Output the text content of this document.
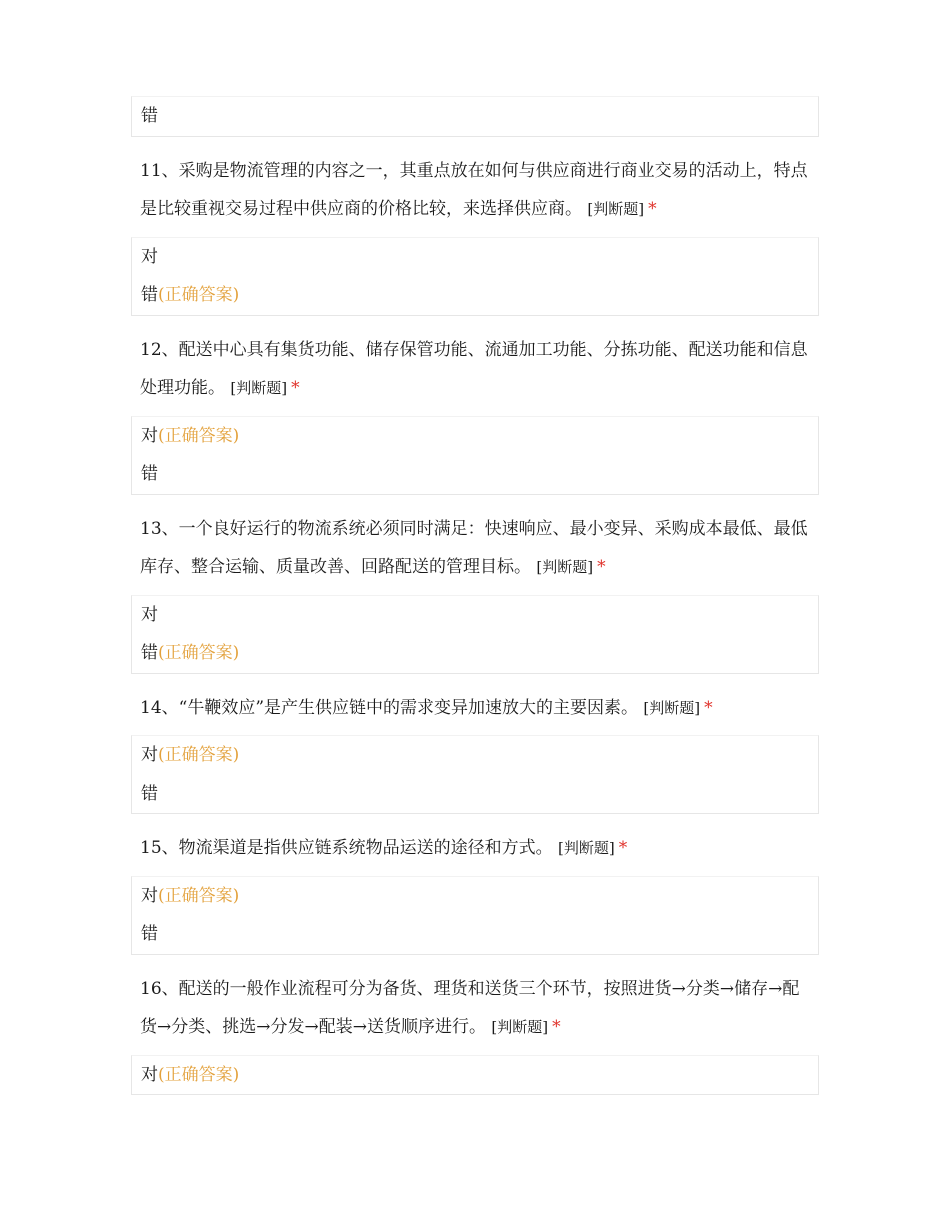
错
11、采购是物流管理的内容之一，其重点放在如何与供应商进行商业交易的活动上，特点是比较重视交易过程中供应商的价格比较，来选择供应商。 [判断题] *
对
错(正确答案)
12、配送中心具有集货功能、储存保管功能、流通加工功能、分拣功能、配送功能和信息处理功能。 [判断题] *
对(正确答案)
错
13、一个良好运行的物流系统必须同时满足：快速响应、最小变异、采购成本最低、最低库存、整合运输、质量改善、回路配送的管理目标。 [判断题] *
对
错(正确答案)
14、“牛鞭效应”是产生供应链中的需求变异加速放大的主要因素。 [判断题] *
对(正确答案)
错
15、物流渠道是指供应链系统物品运送的途径和方式。 [判断题] *
对(正确答案)
错
16、配送的一般作业流程可分为备货、理货和送货三个环节，按照进货→分类→储存→配货→分类、挑选→分发→配装→送货顺序进行。 [判断题] *
对(正确答案)
